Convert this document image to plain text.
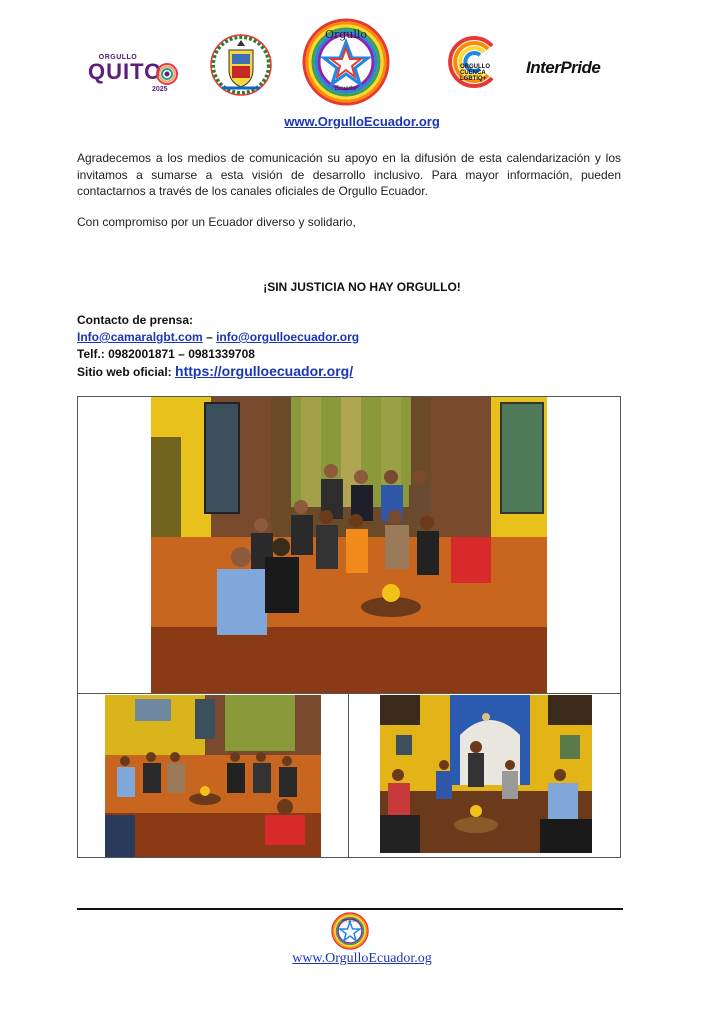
ORGULLO
QUITO
2025
Orgullo
Ecuador
ORGULLO
CUENCA
LGBTIQ+
InterPride
www.OrgulloEcuador.org

Agradecemos a los medios de comunicación su apoyo en la difusión de esta calendarización y los invitamos a sumarse a esta visión de desarrollo inclusivo. Para mayor información, pueden contactarnos a través de los canales oficiales de Orgullo Ecuador.

Con compromiso por un Ecuador diverso y solidario,

¡SIN JUSTICIA NO HAY ORGULLO!
Contacto de prensa:
Info@camaralgbt.com – info@orgulloecuador.org
Telf.: 0982001871 – 0981339708
Sitio web oficial: https://orgulloecuador.org/
Orgullo
www.OrgulloEcuador.og
